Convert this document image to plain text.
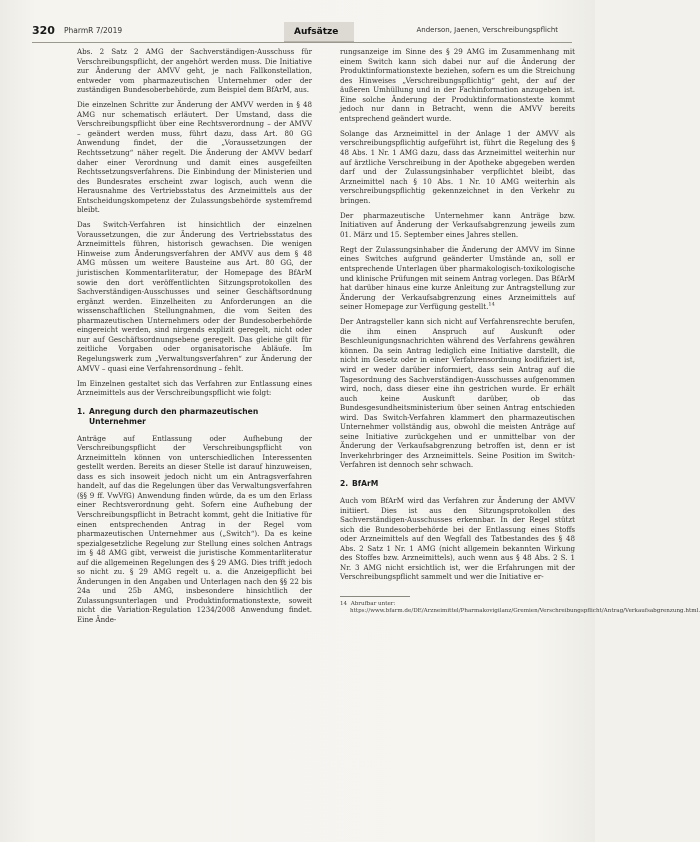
320 PharmR 7/2019	Aufsätze	Anderson, Jaenen, Verschreibungspflicht

Abs. 2 Satz 2 AMG der Sachverständigen-Ausschuss für Verschreibungspflicht, der angehört werden muss. Die Initiative zur Änderung der AMVV geht, je nach Fallkonstellation, entweder vom pharmazeutischen Unternehmer oder der zuständigen Bundesoberbehörde, zum Beispiel dem BfArM, aus.

Die einzelnen Schritte zur Änderung der AMVV werden in § 48 AMG nur schematisch erläutert. Der Umstand, dass die Verschreibungspflicht über eine Rechtsverordnung – der AMVV – geändert werden muss, führt dazu, dass Art. 80 GG Anwendung findet, der die „Voraussetzungen der Rechtssetzung“ näher regelt. Die Änderung der AMVV bedarf daher einer Verordnung und damit eines ausgefeilten Rechtssetzungsverfahrens. Die Einbindung der Ministerien und des Bundesrates erscheint zwar logisch, auch wenn die Herausnahme des Vertriebsstatus des Arzneimittels aus der Entscheidungskompetenz der Zulassungsbehörde systemfremd bleibt.

Das Switch-Verfahren ist hinsichtlich der einzelnen Voraussetzungen, die zur Änderung des Vertriebsstatus des Arzneimittels führen, historisch gewachsen. Die wenigen Hinweise zum Änderungsverfahren der AMVV aus dem § 48 AMG müssen um weitere Bausteine aus Art. 80 GG, der juristischen Kommentarliteratur, der Homepage des BfArM sowie den dort veröffentlichten Sitzungsprotokollen des Sachverständigen-Ausschusses und seiner Geschäftsordnung ergänzt werden. Einzelheiten zu Anforderungen an die wissenschaftlichen Stellungnahmen, die vom Seiten des pharmazeutischen Unternehmers oder der Bundesoberbehörde eingereicht werden, sind nirgends explizit geregelt, nicht oder nur auf Geschäftsordnungsebene geregelt. Das gleiche gilt für zeitliche Vorgaben oder organisatorische Abläufe. Im Regelungswerk zum „Verwaltungsverfahren“ zur Änderung der AMVV – quasi eine Verfahrensordnung – fehlt.

Im Einzelnen gestaltet sich das Verfahren zur Entlassung eines Arzneimittels aus der Verschreibungspflicht wie folgt:

1. Anregung durch den pharmazeutischen
Unternehmer

Anträge auf Entlassung oder Aufhebung der Verschreibungspflicht der Verschreibungspflicht von Arzneimitteln können von unterschiedlichen Interessenten gestellt werden. Bereits an dieser Stelle ist darauf hinzuweisen, dass es sich insoweit jedoch nicht um ein Antragsverfahren handelt, auf das die Regelungen über das Verwaltungsverfahren (§§ 9 ff. VwVfG) Anwendung finden würde, da es um den Erlass einer Rechtsverordnung geht. Sofern eine Aufhebung der Verschreibungspflicht in Betracht kommt, geht die Initiative für einen entsprechenden Antrag in der Regel vom pharmazeutischen Unternehmer aus („Switch“). Da es keine spezialgesetzliche Regelung zur Stellung eines solchen Antrags im § 48 AMG gibt, verweist die juristische Kommentarliteratur auf die allgemeinen Regelungen des § 29 AMG. Dies trifft jedoch so nicht zu. § 29 AMG regelt u. a. die Anzeigepflicht bei Änderungen in den Angaben und Unterlagen nach den §§ 22 bis 24a und 25b AMG, insbesondere hinsichtlich der Zulassungsunterlagen und Produktinformationstexte, soweit nicht die Variation-Regulation 1234/2008 Anwendung findet. Eine Ände-

rungsanzeige im Sinne des § 29 AMG im Zusammenhang mit einem Switch kann sich dabei nur auf die Änderung der Produktinformationstexte beziehen, sofern es um die Streichung des Hinweises „Verschreibungspflichtig“ geht, der auf der äußeren Umhüllung und in der Fachinformation anzugeben ist. Eine solche Änderung der Produktinformationstexte kommt jedoch nur dann in Betracht, wenn die AMVV bereits entsprechend geändert wurde.

Solange das Arzneimittel in der Anlage 1 der AMVV als verschreibungspflichtig aufgeführt ist, führt die Regelung des § 48 Abs. 1 Nr. 1 AMG dazu, dass das Arzneimittel weiterhin nur auf ärztliche Verschreibung in der Apotheke abgegeben werden darf und der Zulassungsinhaber verpflichtet bleibt, das Arzneimittel nach § 10 Abs. 1 Nr. 10 AMG weiterhin als verschreibungspflichtig gekennzeichnet in den Verkehr zu bringen.

Der pharmazeutische Unternehmer kann Anträge bzw. Initiativen auf Änderung der Verkaufsabgrenzung jeweils zum 01. März und 15. September eines Jahres stellen.

Regt der Zulassungsinhaber die Änderung der AMVV im Sinne eines Switches aufgrund geänderter Umstände an, soll er entsprechende Unterlagen über pharmakologisch-toxikologische und klinische Prüfungen mit seinem Antrag vorlegen. Das BfArM hat darüber hinaus eine kurze Anleitung zur Antragstellung zur Änderung der Verkaufsabgrenzung eines Arzneimittels auf seiner Homepage zur Verfügung gestellt.$^{14}$

Der Antragsteller kann sich nicht auf Verfahrensrechte berufen, die ihm einen Anspruch auf Auskunft oder Beschleunigungsnachrichten während des Verfahrens gewähren können. Da sein Antrag lediglich eine Initiative darstellt, die nicht im Gesetz oder in einer Verfahrensordnung kodifiziert ist, wird er weder darüber informiert, dass sein Antrag auf die Tagesordnung des Sachverständigen-Ausschusses aufgenommen wird, noch, dass dieser eine ihn gestrichen wurde. Er erhält auch keine Auskunft darüber, ob das Bundesgesundheitsministerium über seinen Antrag entschieden wird. Das Switch-Verfahren klammert den pharmazeutischen Unternehmer vollständig aus, obwohl die meisten Anträge auf seine Initiative zurückgehen und er unmittelbar von der Änderung der Verkaufsabgrenzung betroffen ist, denn er ist Inverkehrbringer des Arzneimittels. Seine Position im Switch-Verfahren ist dennoch sehr schwach.

2. BfArM

Auch vom BfArM wird das Verfahren zur Änderung der AMVV initiiert. Dies ist aus den Sitzungsprotokollen des Sachverständigen-Ausschusses erkennbar. In der Regel stützt sich die Bundesoberbehörde bei der Entlassung eines Stoffs oder Arzneimittels auf den Wegfall des Tatbestandes des § 48 Abs. 2 Satz 1 Nr. 1 AMG (nicht allgemein bekannten Wirkung des Stoffes bzw. Arzneimittels), auch wenn aus § 48 Abs. 2 S. 1 Nr. 3 AMG nicht ersichtlich ist, wer die Erfahrungen mit der Verschreibungspflicht sammelt und wer die Initiative er-

14 Abrufbar unter: https://www.bfarm.de/DE/Arzneimittel/Pharmakovigilanz/Gremien/Verschreibungspflicht/Antrag/Verkaufsabgrenzung.html.
